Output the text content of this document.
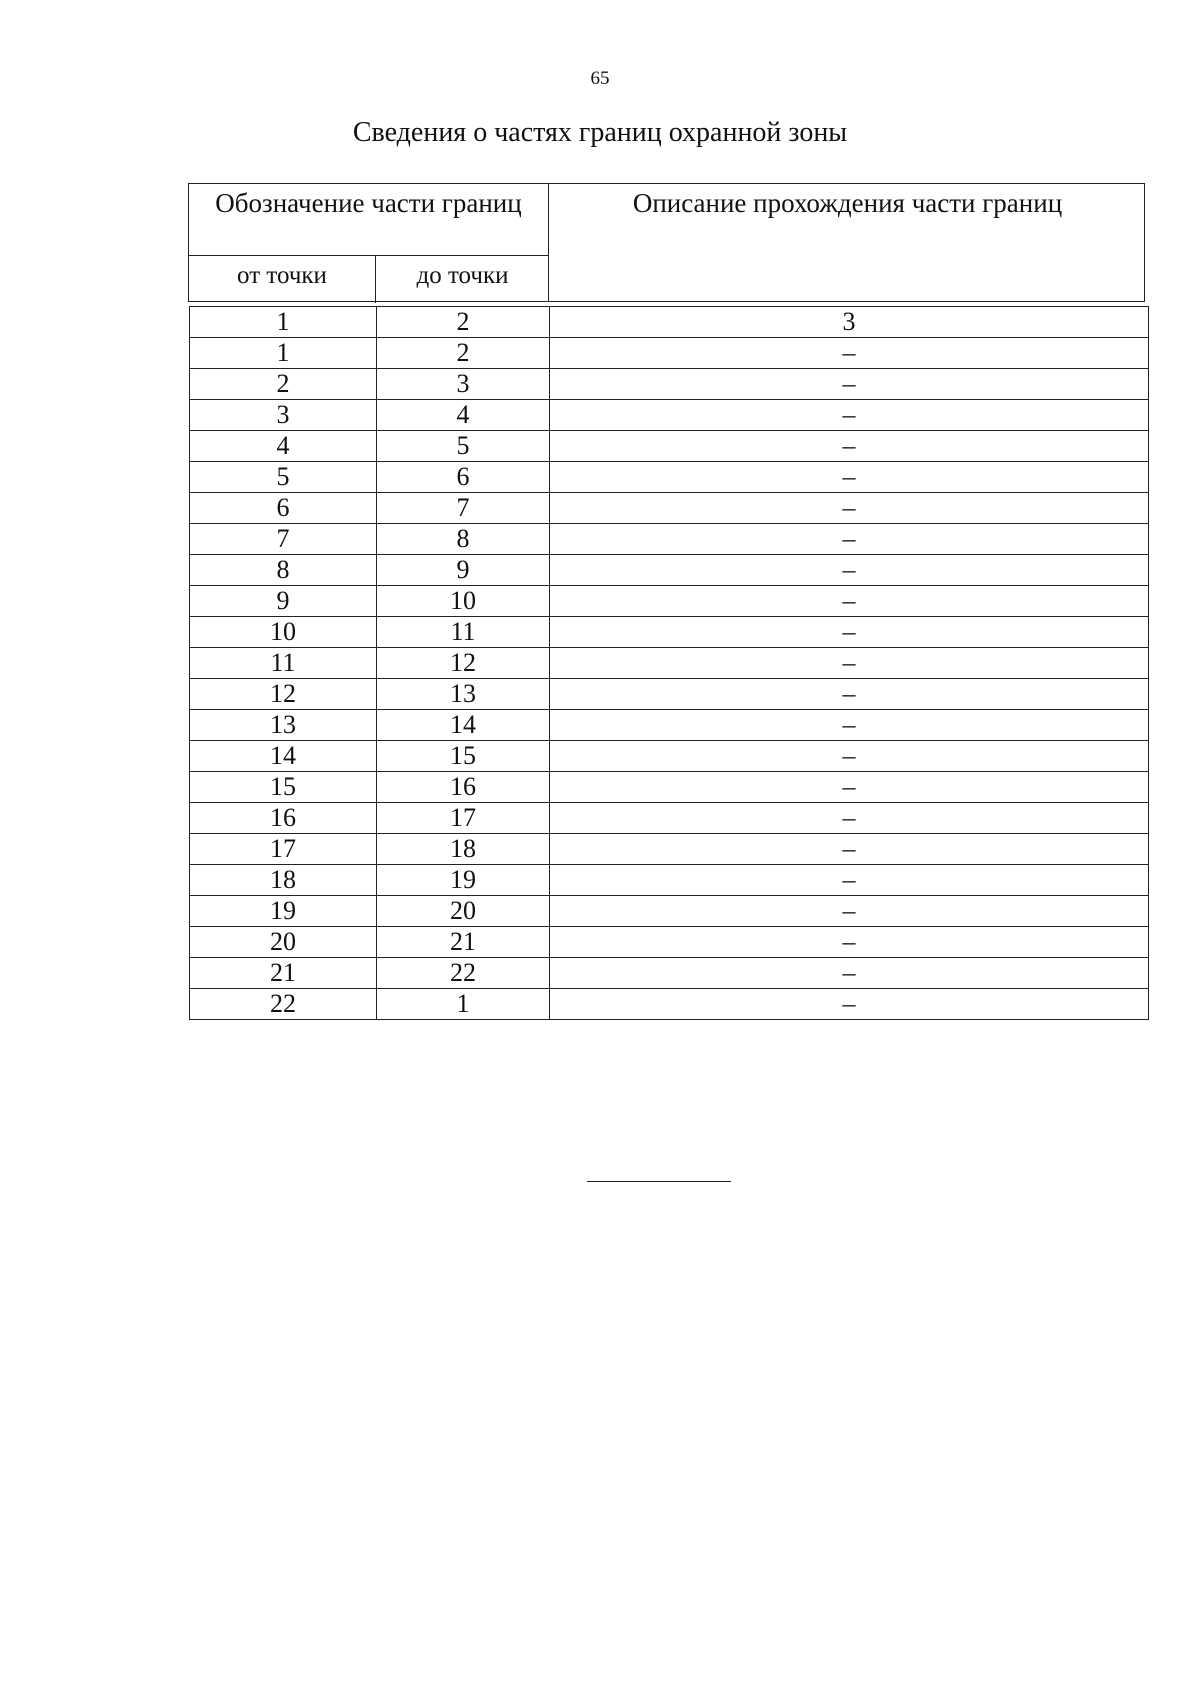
65
Сведения о частях границ охранной зоны
Обозначение части границ
от точки	до точки
Описание прохождения части границ
1	2	3
1	2	–
2	3	–
3	4	–
4	5	–
5	6	–
6	7	–
7	8	–
8	9	–
9	10	–
10	11	–
11	12	–
12	13	–
13	14	–
14	15	–
15	16	–
16	17	–
17	18	–
18	19	–
19	20	–
20	21	–
21	22	–
22	1	–
